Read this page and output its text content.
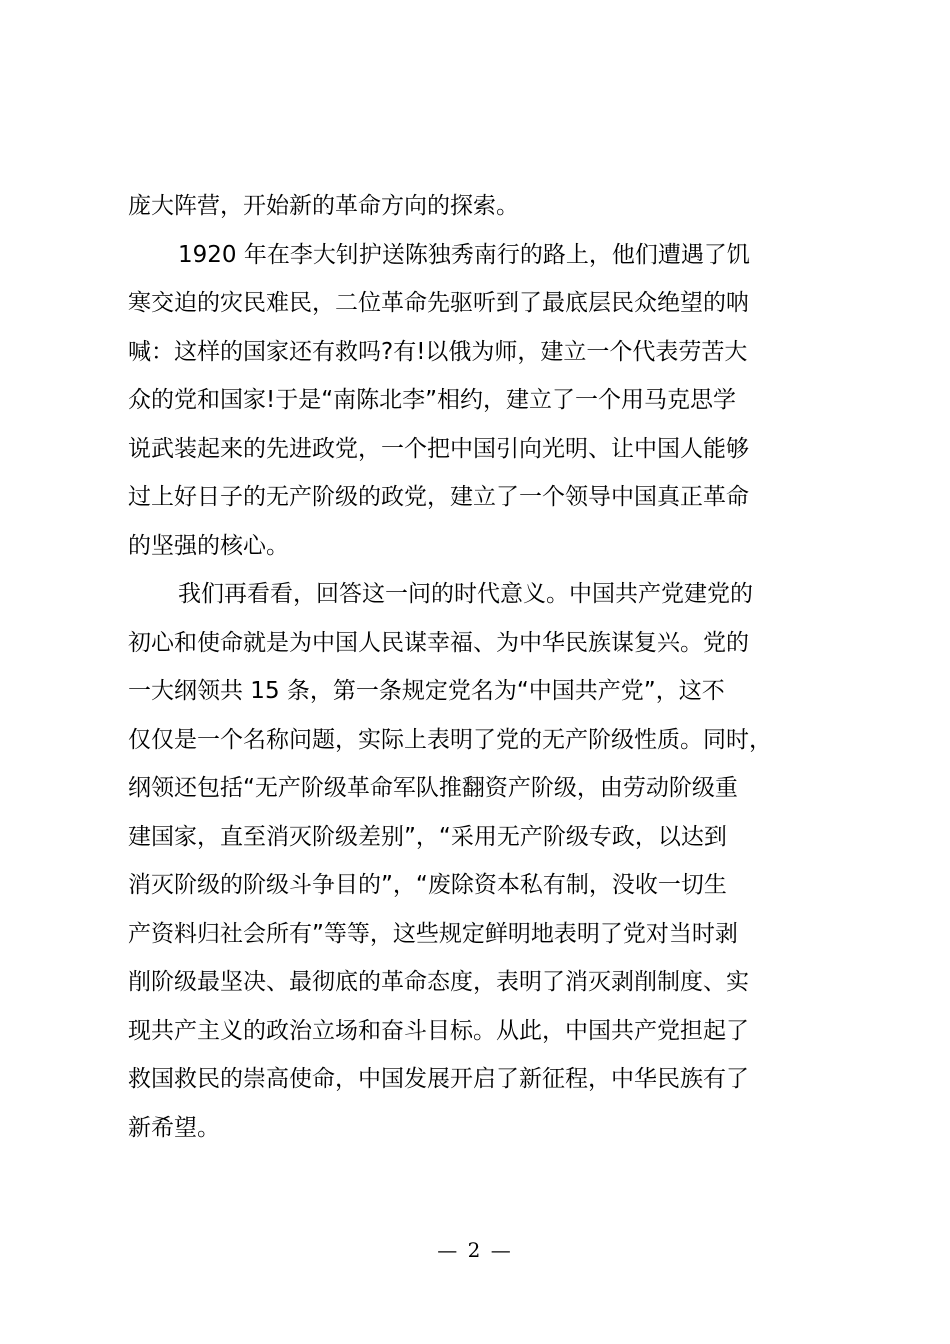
庞大阵营，开始新的革命方向的探索。
1920 年在李大钊护送陈独秀南行的路上，他们遭遇了饥
寒交迫的灾民难民，二位革命先驱听到了最底层民众绝望的呐
喊：这样的国家还有救吗?有!以俄为师，建立一个代表劳苦大
众的党和国家!于是“南陈北李”相约，建立了一个用马克思学
说武装起来的先进政党，一个把中国引向光明、让中国人能够
过上好日子的无产阶级的政党，建立了一个领导中国真正革命
的坚强的核心。
我们再看看，回答这一问的时代意义。中国共产党建党的
初心和使命就是为中国人民谋幸福、为中华民族谋复兴。党的
一大纲领共 15 条，第一条规定党名为“中国共产党”，这不
仅仅是一个名称问题，实际上表明了党的无产阶级性质。同时，
纲领还包括“无产阶级革命军队推翻资产阶级，由劳动阶级重
建国家，直至消灭阶级差别”，“采用无产阶级专政，以达到
消灭阶级的阶级斗争目的”，“废除资本私有制，没收一切生
产资料归社会所有”等等，这些规定鲜明地表明了党对当时剥
削阶级最坚决、最彻底的革命态度，表明了消灭剥削制度、实
现共产主义的政治立场和奋斗目标。从此，中国共产党担起了
救国救民的崇高使命，中国发展开启了新征程，中华民族有了
新希望。
— 2 —
